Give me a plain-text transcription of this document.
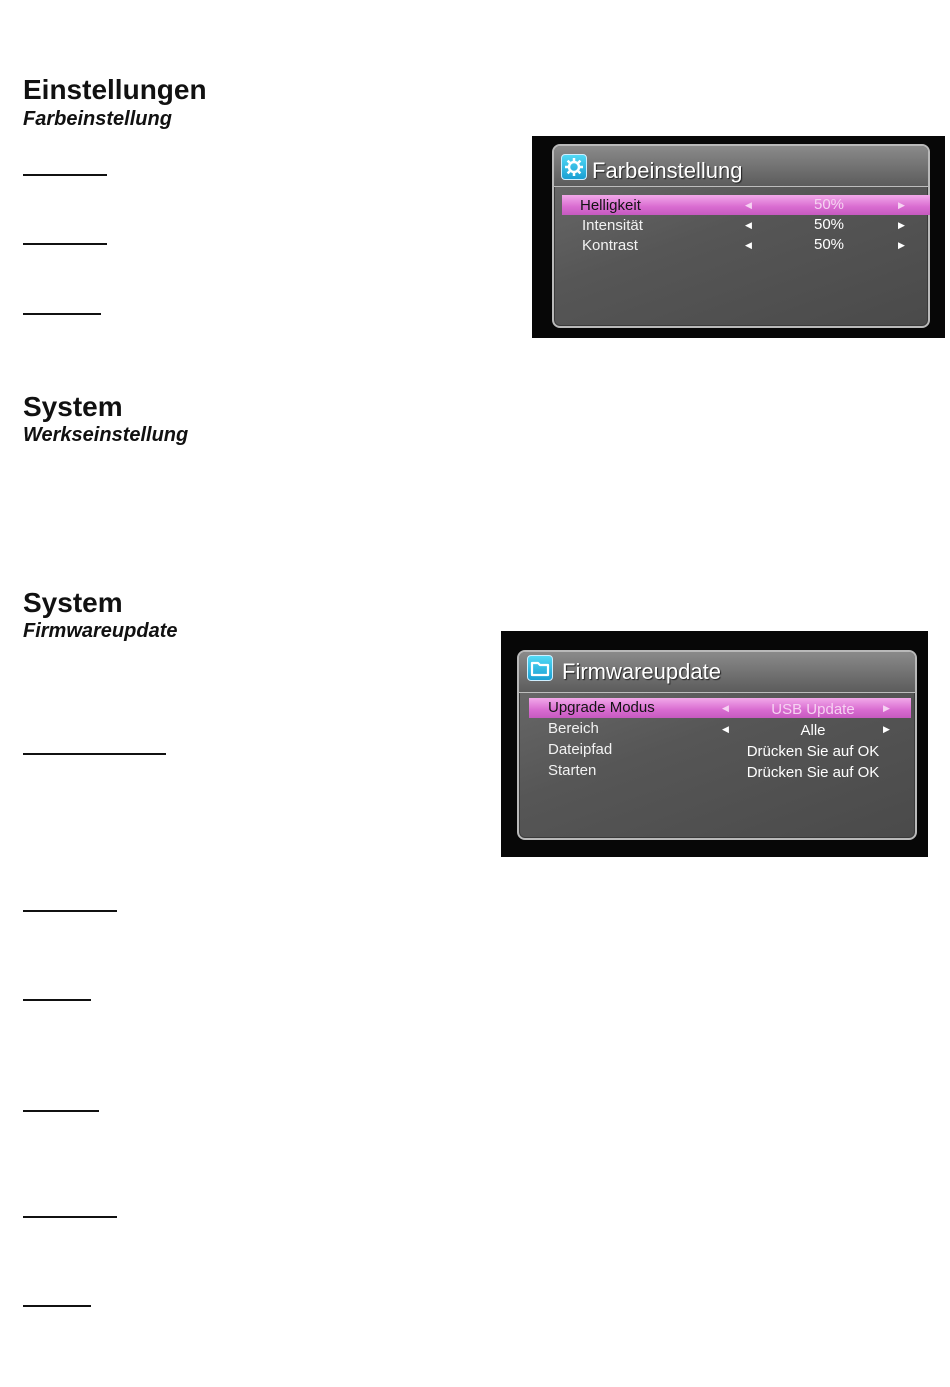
Einstellungen
Farbeinstellung
Farbeinstellung
Helligkeit	◀	50%	▶
Intensität	◀	50%	▶
Kontrast	◀	50%	▶
System
Werkseinstellung
System
Firmwareupdate
Firmwareupdate
Upgrade Modus	◀	USB Update	▶
Bereich	◀	Alle	▶
Dateipfad	Drücken Sie auf OK
Starten	Drücken Sie auf OK
